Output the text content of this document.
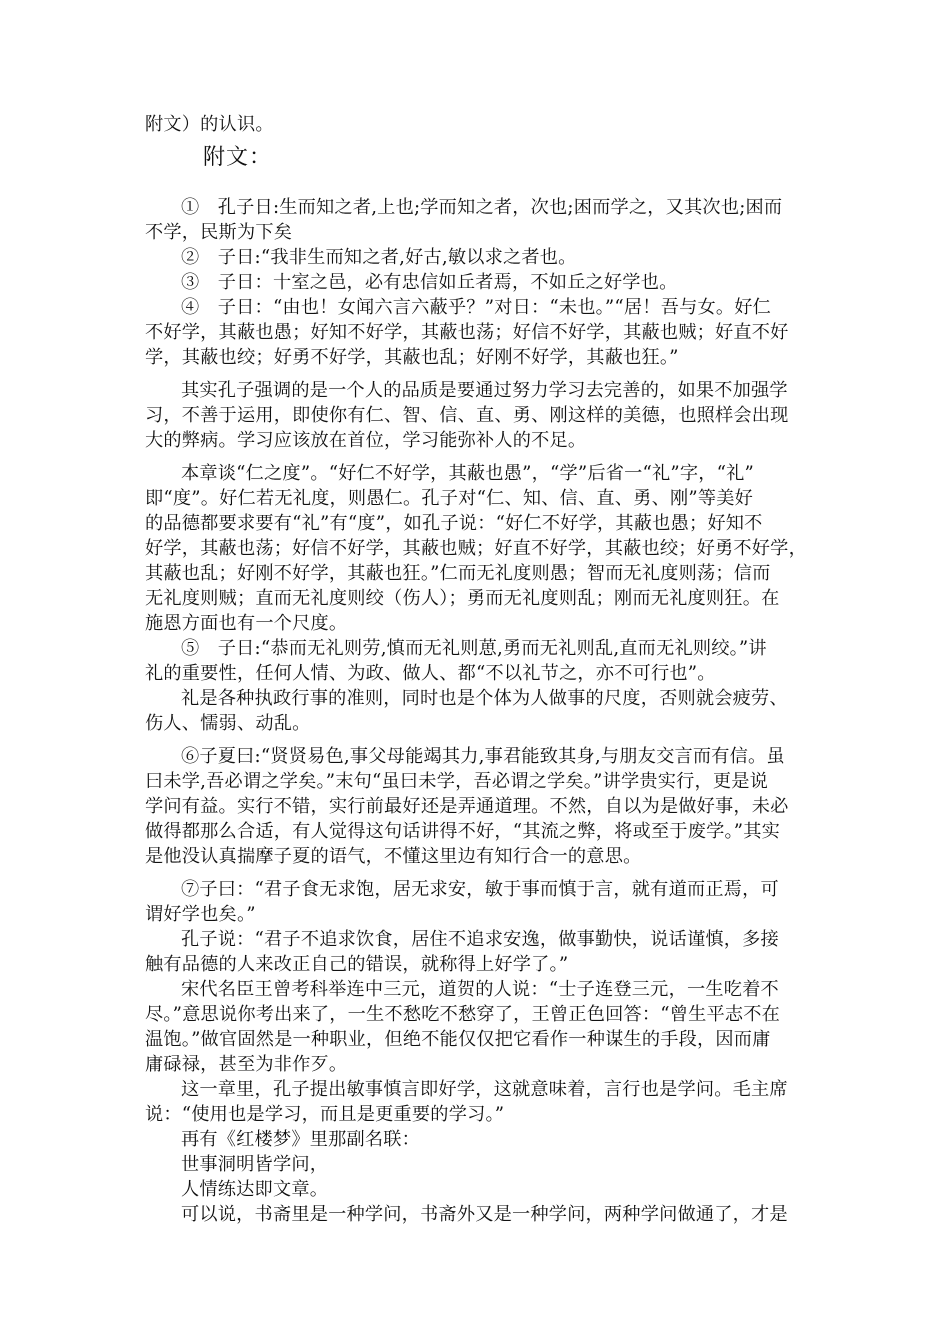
附文）的认识。
附文：
①　孔子日:生而知之者,上也;学而知之者，次也;困而学之，又其次也;困而
不学，民斯为下矣
②　子日:“我非生而知之者,好古,敏以求之者也。
③　子日：十室之邑，必有忠信如丘者焉，不如丘之好学也。
④　子日：“由也！女闻六言六蔽乎？”对日：“未也。”“居！吾与女。好仁
不好学，其蔽也愚；好知不好学，其蔽也荡；好信不好学，其蔽也贼；好直不好
学，其蔽也绞；好勇不好学，其蔽也乱；好刚不好学，其蔽也狂。”
其实孔子强调的是一个人的品质是要通过努力学习去完善的，如果不加强学
习，不善于运用，即使你有仁、智、信、直、勇、刚这样的美德，也照样会出现
大的弊病。学习应该放在首位，学习能弥补人的不足。
本章谈“仁之度”。“好仁不好学，其蔽也愚”，“学”后省一“礼”字，“礼”
即“度”。好仁若无礼度，则愚仁。孔子对“仁、知、信、直、勇、刚”等美好
的品德都要求要有“礼”有“度”，如孔子说：“好仁不好学，其蔽也愚；好知不
好学，其蔽也荡；好信不好学，其蔽也贼；好直不好学，其蔽也绞；好勇不好学，
其蔽也乱；好刚不好学，其蔽也狂。”仁而无礼度则愚；智而无礼度则荡；信而
无礼度则贼；直而无礼度则绞（伤人）；勇而无礼度则乱；刚而无礼度则狂。在
施恩方面也有一个尺度。
⑤　子日:“恭而无礼则劳,慎而无礼则葸,勇而无礼则乱,直而无礼则绞。”讲
礼的重要性，任何人情、为政、做人、都“不以礼节之，亦不可行也”。
礼是各种执政行事的准则，同时也是个体为人做事的尺度，否则就会疲劳、
伤人、懦弱、动乱。
⑥子夏曰:“贤贤易色,事父母能竭其力,事君能致其身,与朋友交言而有信。虽
曰未学,吾必谓之学矣。”末句“虽曰未学，吾必谓之学矣。”讲学贵实行，更是说
学问有益。实行不错，实行前最好还是弄通道理。不然，自以为是做好事，未必
做得都那么合适，有人觉得这句话讲得不好，“其流之弊，将或至于废学。”其实
是他没认真揣摩子夏的语气，不懂这里边有知行合一的意思。
⑦子曰：“君子食无求饱，居无求安，敏于事而慎于言，就有道而正焉，可
谓好学也矣。”
孔子说：“君子不追求饮食，居住不追求安逸，做事勤快，说话谨慎，多接
触有品德的人来改正自己的错误，就称得上好学了。”
宋代名臣王曾考科举连中三元，道贺的人说：“士子连登三元，一生吃着不
尽。”意思说你考出来了，一生不愁吃不愁穿了，王曾正色回答：“曾生平志不在
温饱。”做官固然是一种职业，但绝不能仅仅把它看作一种谋生的手段，因而庸
庸碌禄，甚至为非作歹。
这一章里，孔子提出敏事慎言即好学，这就意味着，言行也是学问。毛主席
说：“使用也是学习，而且是更重要的学习。”
再有《红楼梦》里那副名联：
世事洞明皆学问，
人情练达即文章。
可以说，书斋里是一种学问，书斋外又是一种学问，两种学问做通了，才是
